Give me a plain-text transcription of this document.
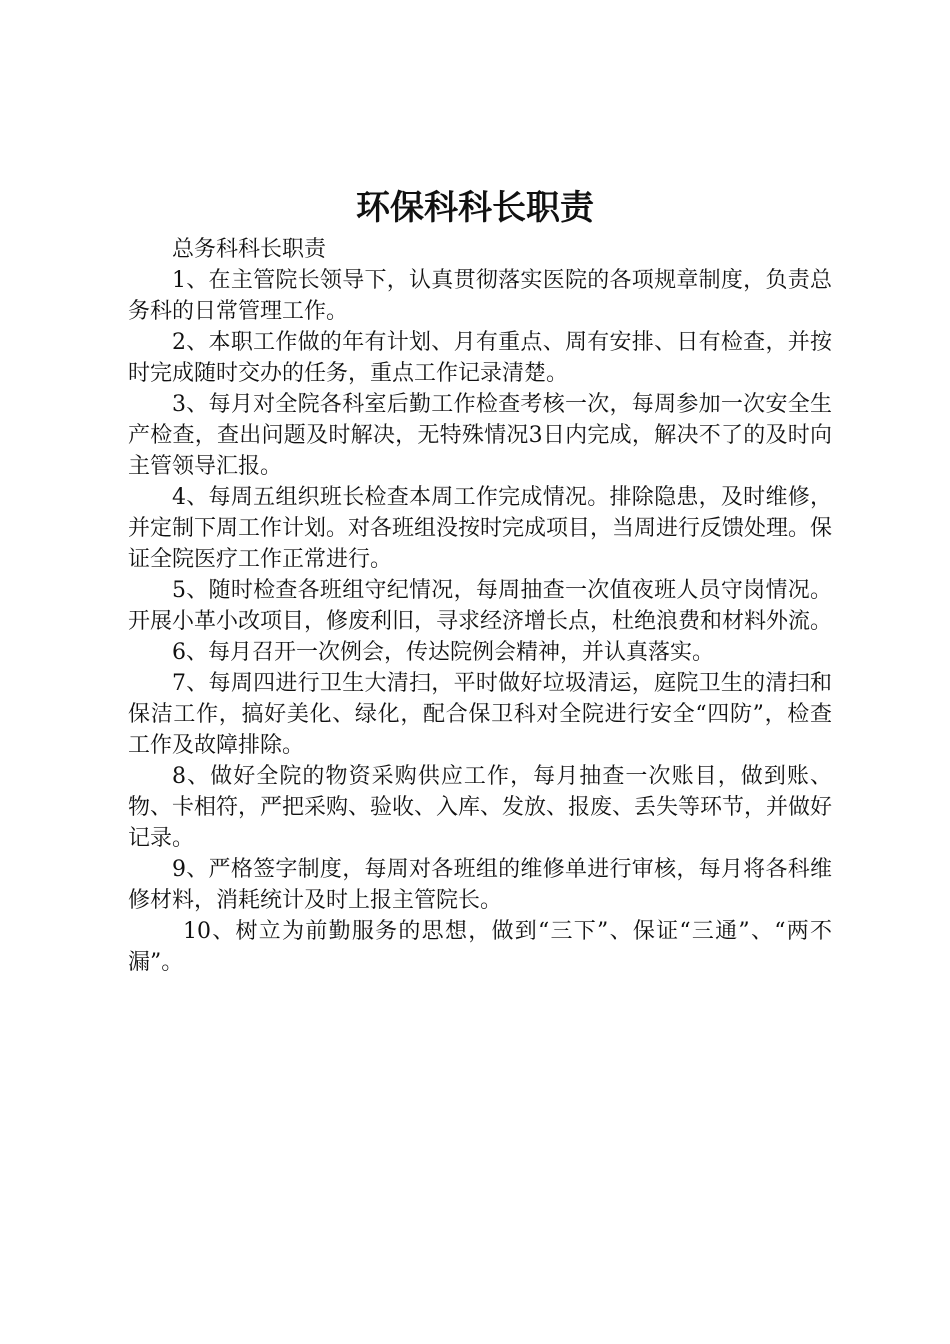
环保科科长职责

总务科科长职责

1、在主管院长领导下，认真贯彻落实医院的各项规章制度，负责总务科的日常管理工作。

2、本职工作做的年有计划、月有重点、周有安排、日有检查，并按时完成随时交办的任务，重点工作记录清楚。

3、每月对全院各科室后勤工作检查考核一次，每周参加一次安全生产检查，查出问题及时解决，无特殊情况3日内完成，解决不了的及时向主管领导汇报。

4、每周五组织班长检查本周工作完成情况。排除隐患，及时维修，并定制下周工作计划。对各班组没按时完成项目，当周进行反馈处理。保证全院医疗工作正常进行。

5、随时检查各班组守纪情况，每周抽查一次值夜班人员守岗情况。开展小革小改项目，修废利旧，寻求经济增长点，杜绝浪费和材料外流。

6、每月召开一次例会，传达院例会精神，并认真落实。

7、每周四进行卫生大清扫，平时做好垃圾清运，庭院卫生的清扫和保洁工作，搞好美化、绿化，配合保卫科对全院进行安全“四防”，检查工作及故障排除。

8、做好全院的物资采购供应工作，每月抽查一次账目，做到账、物、卡相符，严把采购、验收、入库、发放、报废、丢失等环节，并做好记录。

9、严格签字制度，每周对各班组的维修单进行审核，每月将各科维修材料，消耗统计及时上报主管院长。

10、树立为前勤服务的思想，做到“三下”、保证“三通”、“两不漏”。
